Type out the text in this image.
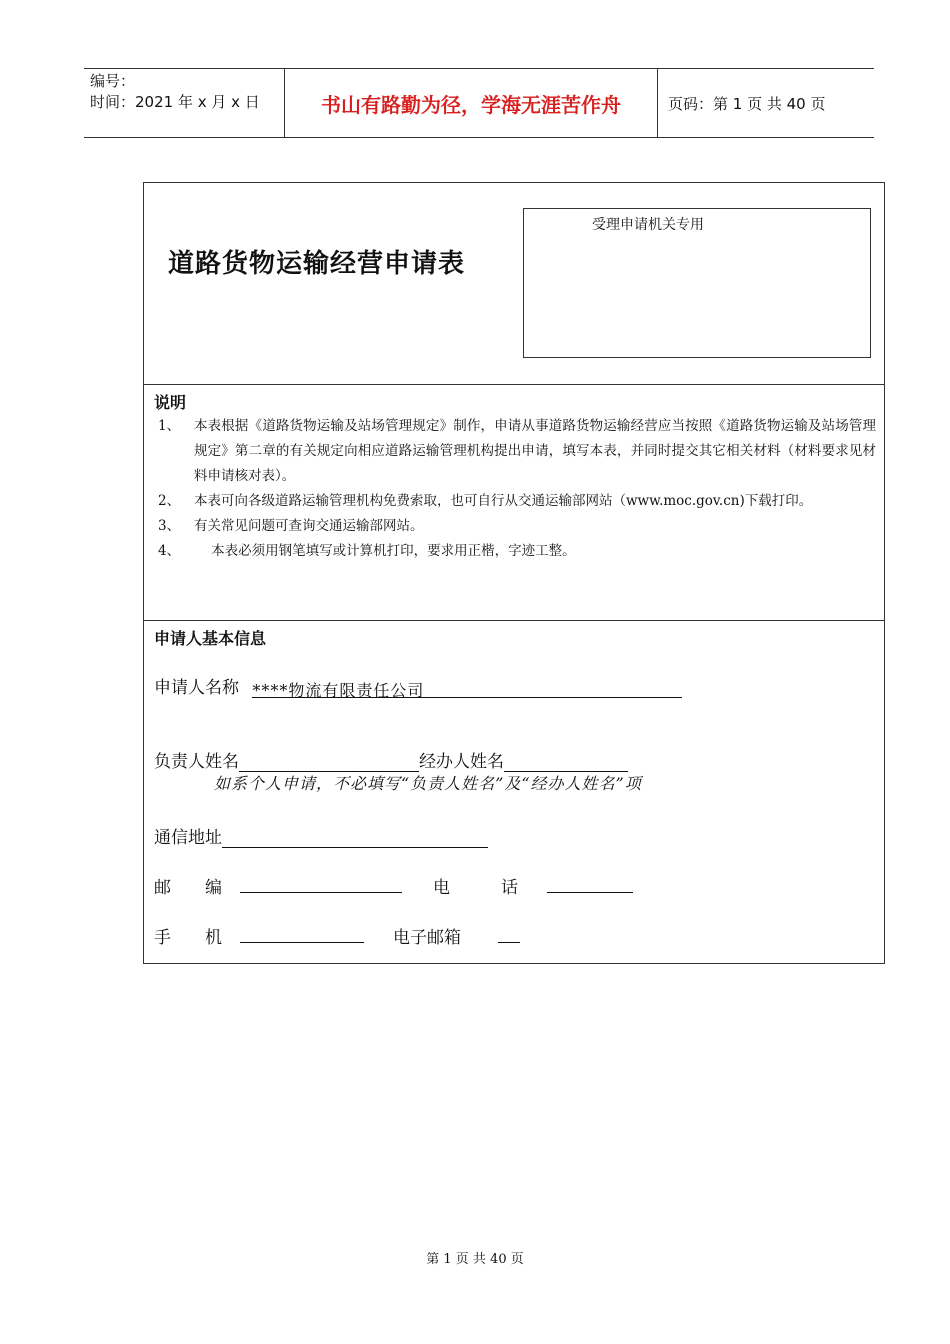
编号：
时间：2021 年 x 月 x 日	书山有路勤为径，学海无涯苦作舟	页码：第 1 页 共 40 页
道路货物运输经营申请表
受理申请机关专用
说明
1、	本表根据《道路货物运输及站场管理规定》制作，申请从事道路货物运输经营应当按照《道路货物运输及站场管理规定》第二章的有关规定向相应道路运输管理机构提出申请，填写本表，并同时提交其它相关材料（材料要求见材料申请核对表）。
2、	本表可向各级道路运输管理机构免费索取，也可自行从交通运输部网站（www.moc.gov.cn)下载打印。
3、	有关常见问题可查询交通运输部网站。
4、	本表必须用钢笔填写或计算机打印，要求用正楷，字迹工整。
申请人基本信息
申请人名称 ****物流有限责任公司
负责人姓名	经办人姓名
如系个人申请，不必填写“负责人姓名”及“经办人姓名”项
通信地址
邮　　编	电　　　话
手　　机	电子邮箱
第 1 页 共 40 页
